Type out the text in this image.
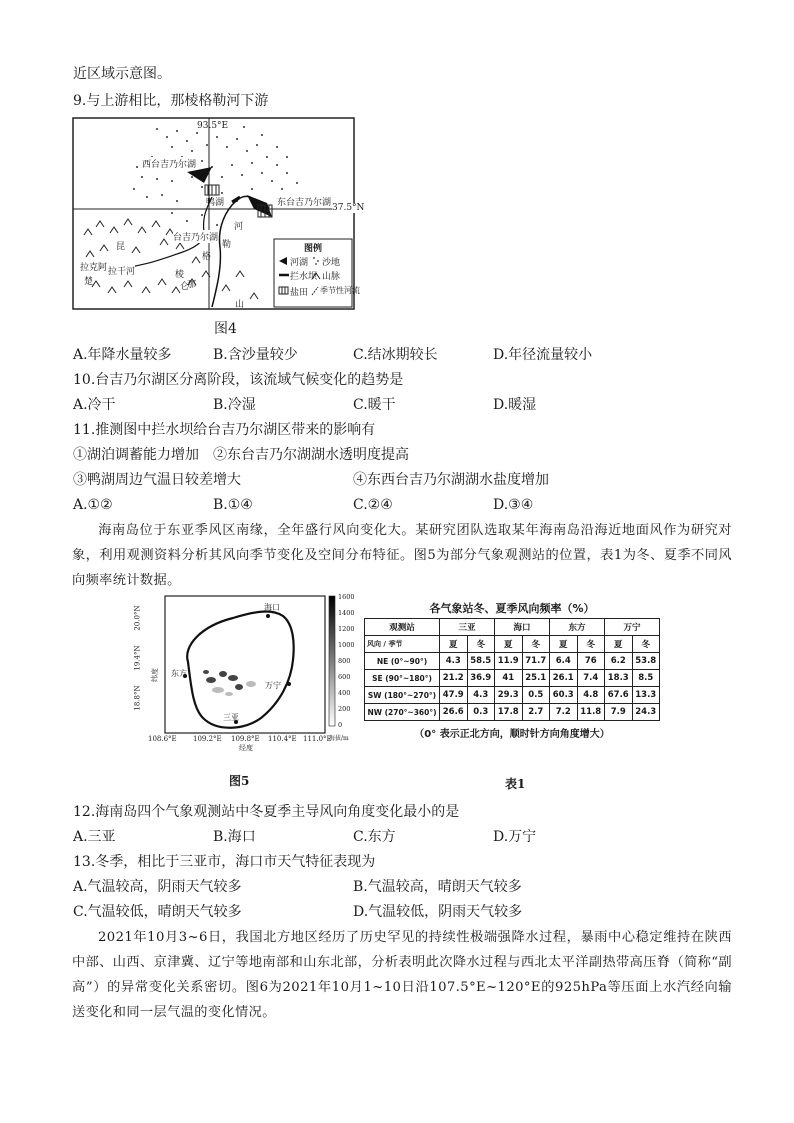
近区域示意图。
9.与上游相比，那棱格勒河下游
93.5°E
37.5°N
西台吉乃尔湖
鸭湖	东台吉乃尔湖
台吉乃尔湖
河
勒
格
棱
那
昆
仑
山
拉克阿 拉干河
楚
图例
河湖 沙地
拦水坝 山脉
盐田 季节性河流
图4
A.年降水量较多	B.含沙量较少	C.结冰期较长	D.年径流量较小
10.台吉乃尔湖区分离阶段，该流域气候变化的趋势是
A.冷干	B.冷湿	C.暖干	D.暖湿
11.推测图中拦水坝给台吉乃尔湖区带来的影响有
①湖泊调蓄能力增加 ②东台吉乃尔湖湖水透明度提高
③鸭湖周边气温日较差增大	④东西台吉乃尔湖湖水盐度增加
A.①②	B.①④	C.②④	D.③④
海南岛位于东亚季风区南缘，全年盛行风向变化大。某研究团队选取某年海南岛沿海近地面风作为研究对象，利用观测资料分析其风向季节变化及空间分布特征。图5为部分气象观测站的位置，表1为冬、夏季不同风向频率统计数据。
海口
东方
万宁
三亚
108.6°E 109.2°E 109.8°E 110.4°E 111.0°E
经度
20.0°N
19.4°N
18.8°N
纬度
1600
1400
1200
1000
800
600
400
200
0
海拔/m
图5
各气象站冬、夏季风向频率（%）
观测站	三亚		海口		东方		万宁	
风向 / 季节	夏	冬	夏	冬	夏	冬	夏	冬
NE (0°~90°)	4.3	58.5	11.9	71.7	6.4	76	6.2	53.8
SE (90°~180°)	21.2	36.9	41	25.1	26.1	7.4	18.3	8.5
SW (180°~270°)	47.9	4.3	29.3	0.5	60.3	4.8	67.6	13.3
NW (270°~360°)	26.6	0.3	17.8	2.7	7.2	11.8	7.9	24.3
（0° 表示正北方向，顺时针方向角度增大）
表1
12.海南岛四个气象观测站中冬夏季主导风向角度变化最小的是
A.三亚	B.海口	C.东方	D.万宁
13.冬季，相比于三亚市，海口市天气特征表现为
A.气温较高，阴雨天气较多	B.气温较高，晴朗天气较多
C.气温较低，晴朗天气较多	D.气温较低，阴雨天气较多
2021年10月3~6日，我国北方地区经历了历史罕见的持续性极端强降水过程，暴雨中心稳定维持在陕西中部、山西、京津冀、辽宁等地南部和山东北部，分析表明此次降水过程与西北太平洋副热带高压脊（简称“副高”）的异常变化关系密切。图6为2021年10月1~10日沿107.5°E~120°E的925hPa等压面上水汽经向输送变化和同一层气温的变化情况。
